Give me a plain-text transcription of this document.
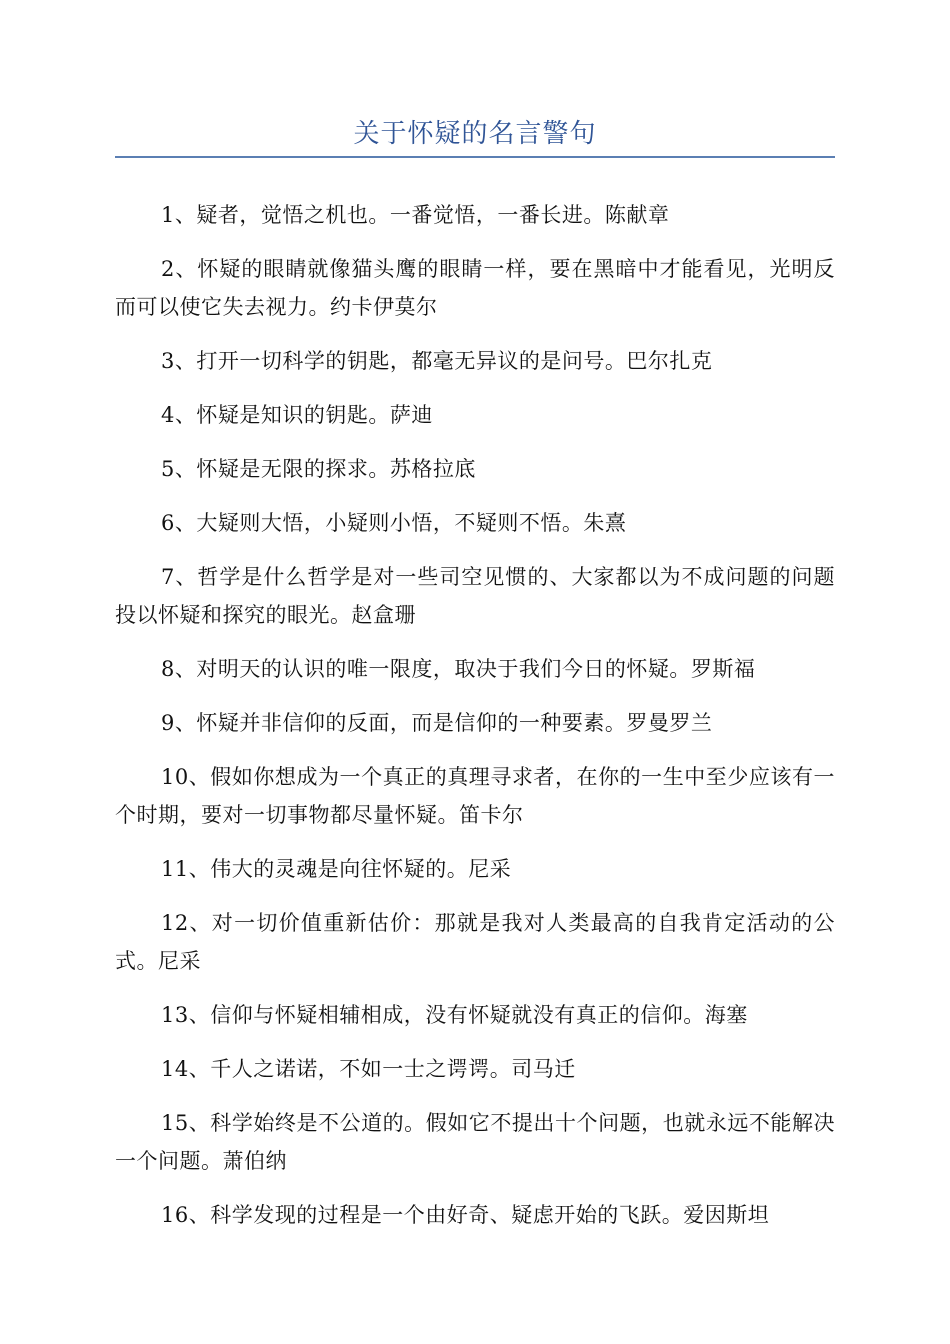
关于怀疑的名言警句

1、疑者，觉悟之机也。一番觉悟，一番长进。陈献章

2、怀疑的眼睛就像猫头鹰的眼睛一样，要在黑暗中才能看见，光明反而可以使它失去视力。约卡伊莫尔

3、打开一切科学的钥匙，都毫无异议的是问号。巴尔扎克

4、怀疑是知识的钥匙。萨迪

5、怀疑是无限的探求。苏格拉底

6、大疑则大悟，小疑则小悟，不疑则不悟。朱熹

7、哲学是什么哲学是对一些司空见惯的、大家都以为不成问题的问题投以怀疑和探究的眼光。赵盒珊

8、对明天的认识的唯一限度，取决于我们今日的怀疑。罗斯福

9、怀疑并非信仰的反面，而是信仰的一种要素。罗曼罗兰

10、假如你想成为一个真正的真理寻求者，在你的一生中至少应该有一个时期，要对一切事物都尽量怀疑。笛卡尔

11、伟大的灵魂是向往怀疑的。尼采

12、对一切价值重新估价：那就是我对人类最高的自我肯定活动的公式。尼采

13、信仰与怀疑相辅相成，没有怀疑就没有真正的信仰。海塞

14、千人之诺诺，不如一士之谔谔。司马迁

15、科学始终是不公道的。假如它不提出十个问题，也就永远不能解决一个问题。萧伯纳

16、科学发现的过程是一个由好奇、疑虑开始的飞跃。爱因斯坦
